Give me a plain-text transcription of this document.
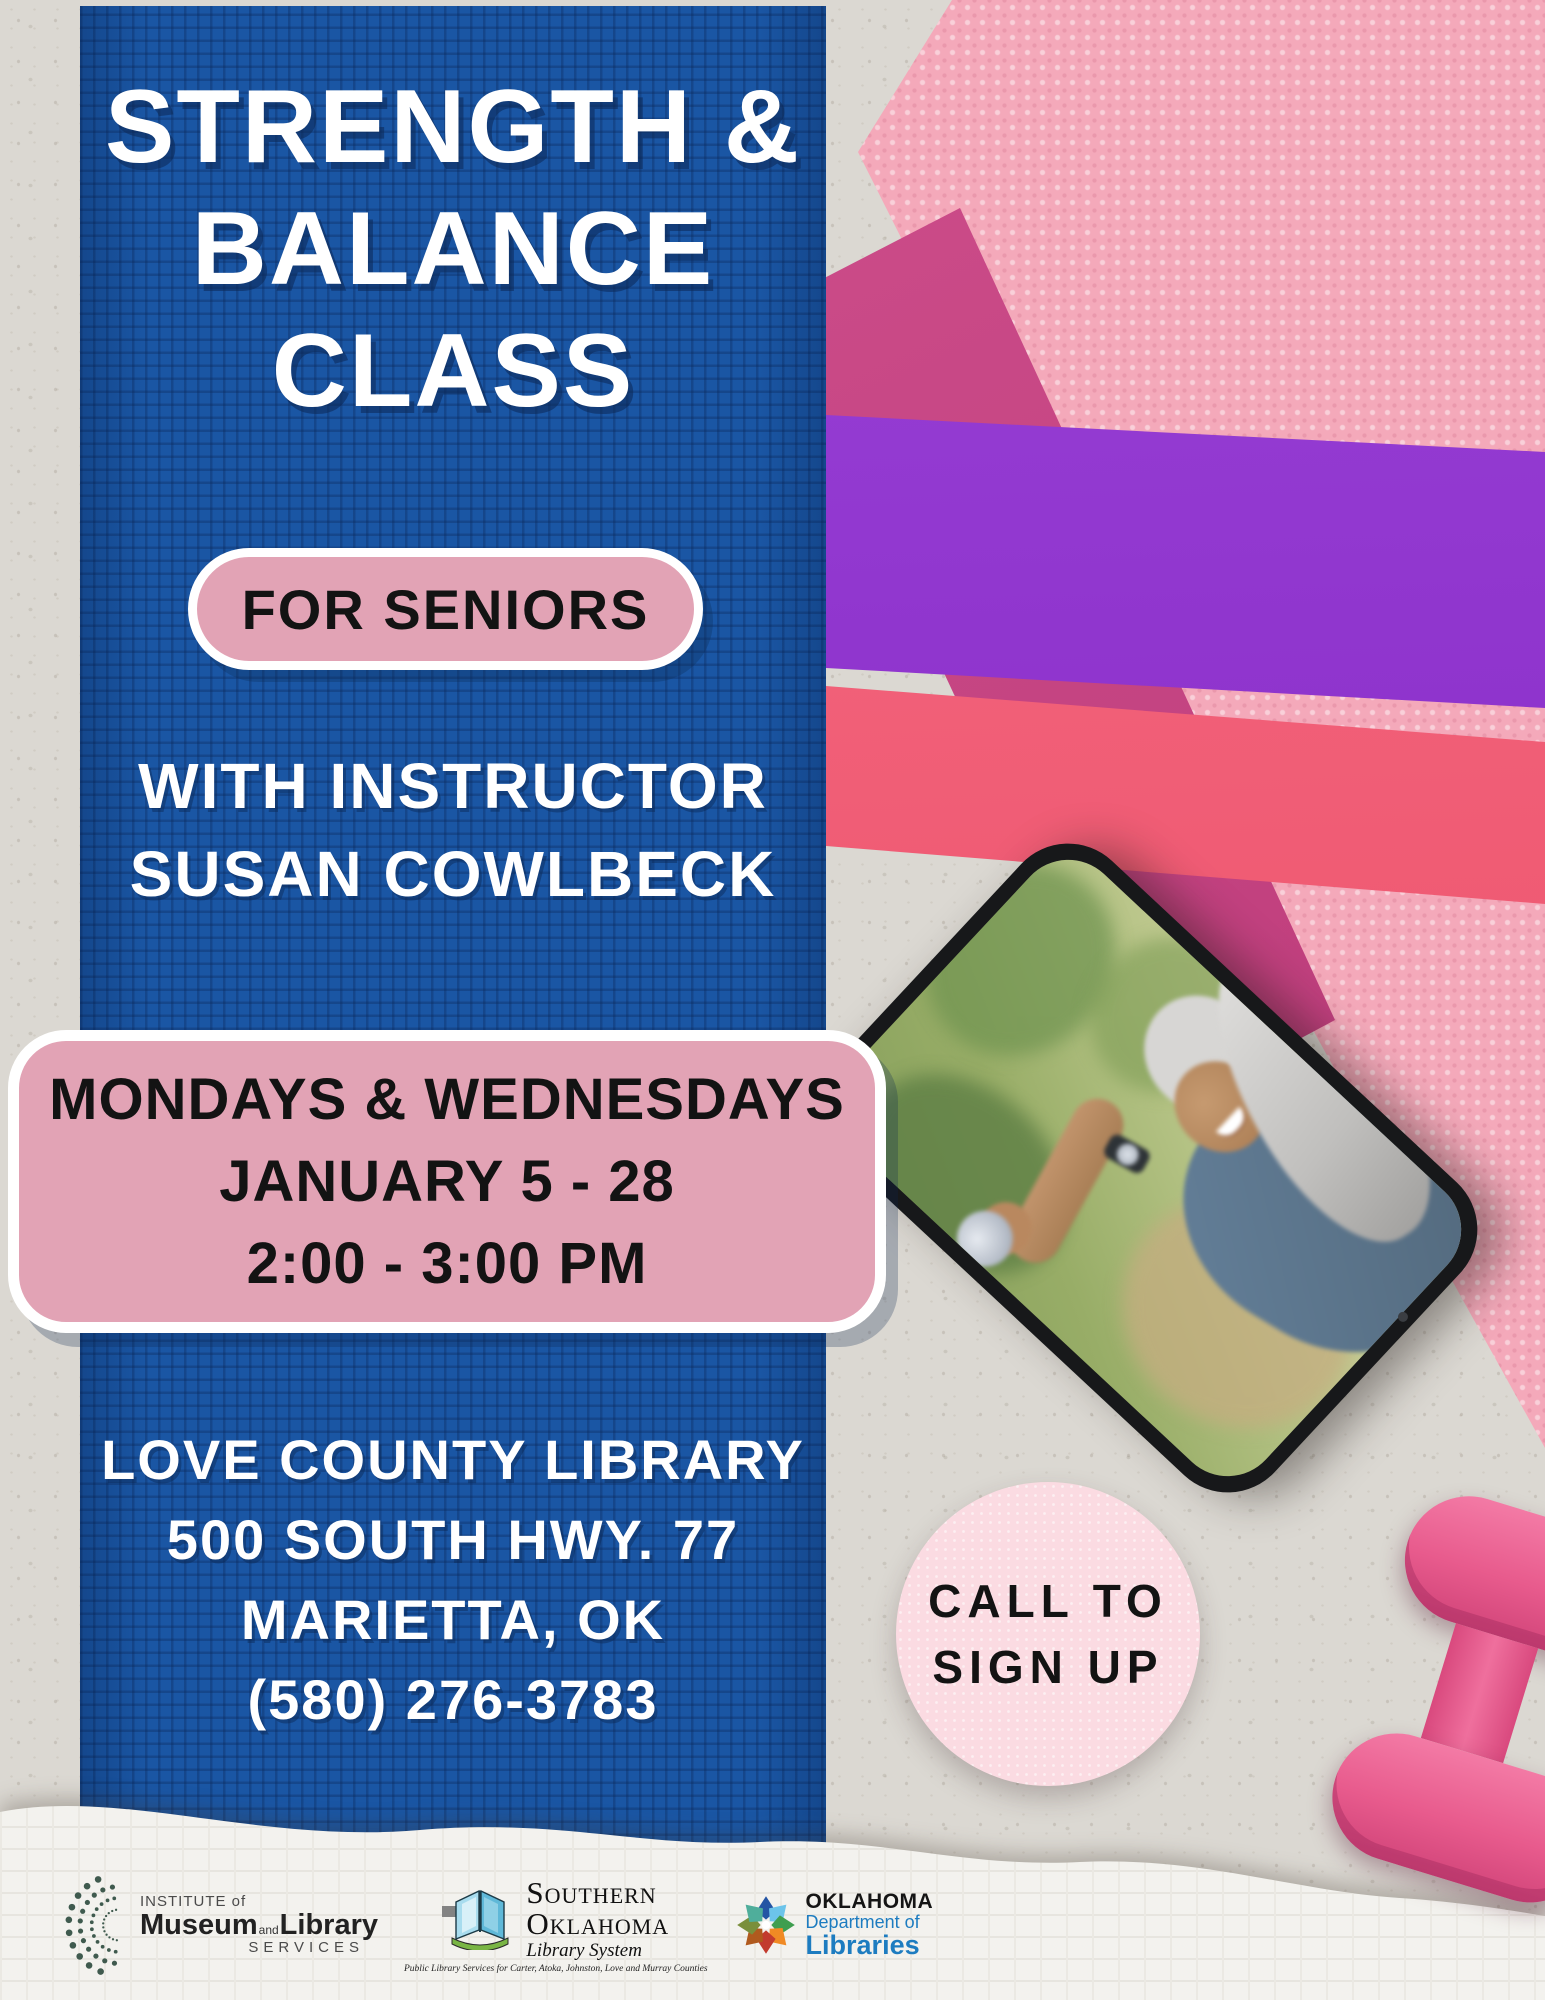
STRENGTH &
BALANCE
CLASS
FOR SENIORS
WITH INSTRUCTOR
SUSAN COWLBECK
MONDAYS & WEDNESDAYS
JANUARY 5 - 28
2:00 - 3:00 PM
LOVE COUNTY LIBRARY
500 SOUTH HWY. 77
MARIETTA, OK
(580) 276-3783
CALL TO
SIGN UP
INSTITUTE of
Museum and Library
SERVICES
SOUTHERN
OKLAHOMA
Library System
Public Library Services for Carter, Atoka, Johnston, Love and Murray Counties
OKLAHOMA
Department of
Libraries
